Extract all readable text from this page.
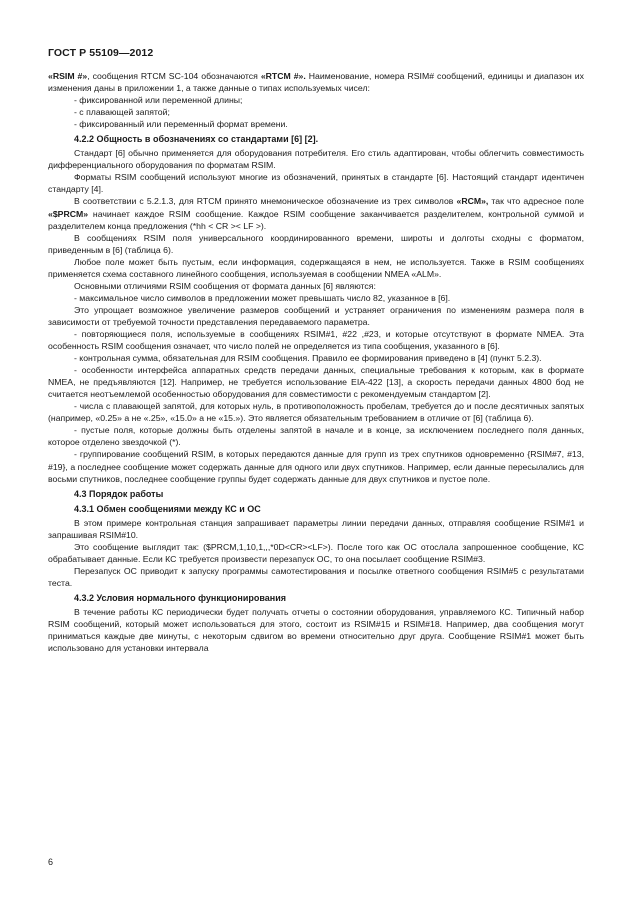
ГОСТ Р 55109—2012

«RSIM #», сообщения RTCM SC-104 обозначаются «RTCM #». Наименование, номера RSIM# сообщений, единицы и диапазон их изменения даны в приложении 1, а также данные о типах используемых чисел:

- фиксированной или переменной длины;

- с плавающей запятой;

- фиксированный или переменный формат времени.

4.2.2 Общность в обозначениях со стандартами [6] [2].

Стандарт [6] обычно применяется для оборудования потребителя. Его стиль адаптирован, чтобы облегчить совместимость дифференциального оборудования по форматам RSIM.

Форматы RSIM сообщений используют многие из обозначений, принятых в стандарте [6]. Настоящий стандарт идентичен стандарту [4].

В соответствии с 5.2.1.3, для RTCM принято мнемоническое обозначение из трех символов «RCM», так что адресное поле «$PRCM» начинает каждое RSIM сообщение. Каждое RSIM сообщение заканчивается разделителем, контрольной суммой и разделителем конца предложения (*hh < CR >< LF >).

В сообщениях RSIM поля универсального координированного времени, широты и долготы сходны с форматом, приведенным в [6] (таблица 6).

Любое поле может быть пустым, если информация, содержащаяся в нем, не используется. Также в RSIM сообщениях применяется схема составного линейного сообщения, используемая в сообщении NMEA «ALM».

Основными отличиями RSIM сообщения от формата данных [6] являются:

- максимальное число символов в предложении может превышать число 82, указанное в [6].

Это упрощает возможное увеличение размеров сообщений и устраняет ограничения по изменениям размера поля в зависимости от требуемой точности представления передаваемого параметра.

- повторяющиеся поля, используемые в сообщениях RSIM#1, #22 ,#23, и которые отсутствуют в формате NMEA. Эта особенность RSIM сообщения означает, что число полей не определяется из типа сообщения, указанного в [6].

- контрольная сумма, обязательная для RSIM сообщения. Правило ее формирования приведено в [4] (пункт 5.2.3).

- особенности интерфейса аппаратных средств передачи данных, специальные требования к которым, как в формате NMEA, не предъявляются [12]. Например, не требуется использование EIA-422 [13], а скорость передачи данных 4800 бод не считается неотъемлемой особенностью оборудования для совместимости с рекомендуемым стандартом [2].

- числа с плавающей запятой, для которых нуль, в противоположность пробелам, требуется до и после десятичных запятых (например, «0.25» а не «.25», «15.0» а не «15.»). Это является обязательным требованием в отличие от [6] (таблица 6).

- пустые поля, которые должны быть отделены запятой в начале и в конце, за исключением последнего поля данных, которое отделено звездочкой (*).

- группирование сообщений RSIM, в которых передаются данные для групп из трех спутников одновременно {RSIM#7, #13, #19}, а последнее сообщение может содержать данные для одного или двух спутников. Например, если данные пересылались для восьми спутников, последнее сообщение группы будет содержать данные для двух спутников и пустое поле.

4.3 Порядок работы
4.3.1 Обмен сообщениями между КС и ОС

В этом примере контрольная станция запрашивает параметры линии передачи данных, отправляя сообщение RSIM#1 и запрашивая RSIM#10.

Это сообщение выглядит так: ($PRCM,1,10,1,,,*0D<CR><LF>). После того как ОС отослала запрошенное сообщение, КС обрабатывает данные. Если КС требуется произвести перезапуск ОС, то она посылает сообщение RSIM#3.

Перезапуск ОС приводит к запуску программы самотестирования и посылке ответного сообщения RSIM#5 с результатами теста.

4.3.2 Условия нормального функционирования

В течение работы КС периодически будет получать отчеты о состоянии оборудования, управляемого КС. Типичный набор RSIM сообщений, который может использоваться для этого, состоит из RSIM#15 и RSIM#18. Например, два сообщения могут приниматься каждые две минуты, с некоторым сдвигом во времени относительно друг друга. Сообщение RSIM#1 может быть использовано для установки интервала

6
